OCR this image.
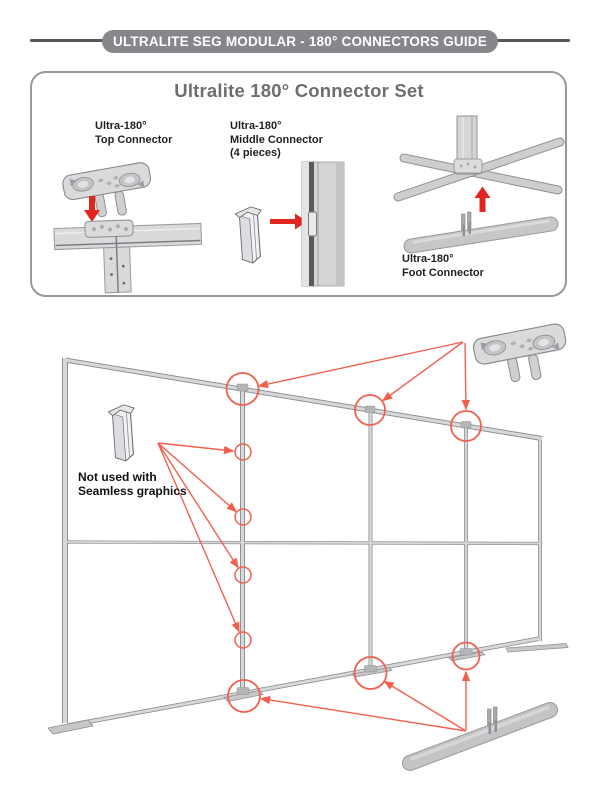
ULTRALITE SEG MODULAR - 180° CONNECTORS GUIDE
Ultralite 180° Connector Set
Ultra-180°
Top Connector
Ultra-180°
Middle Connector
(4 pieces)
Ultra-180°
Foot Connector
Not used with
Seamless graphics
